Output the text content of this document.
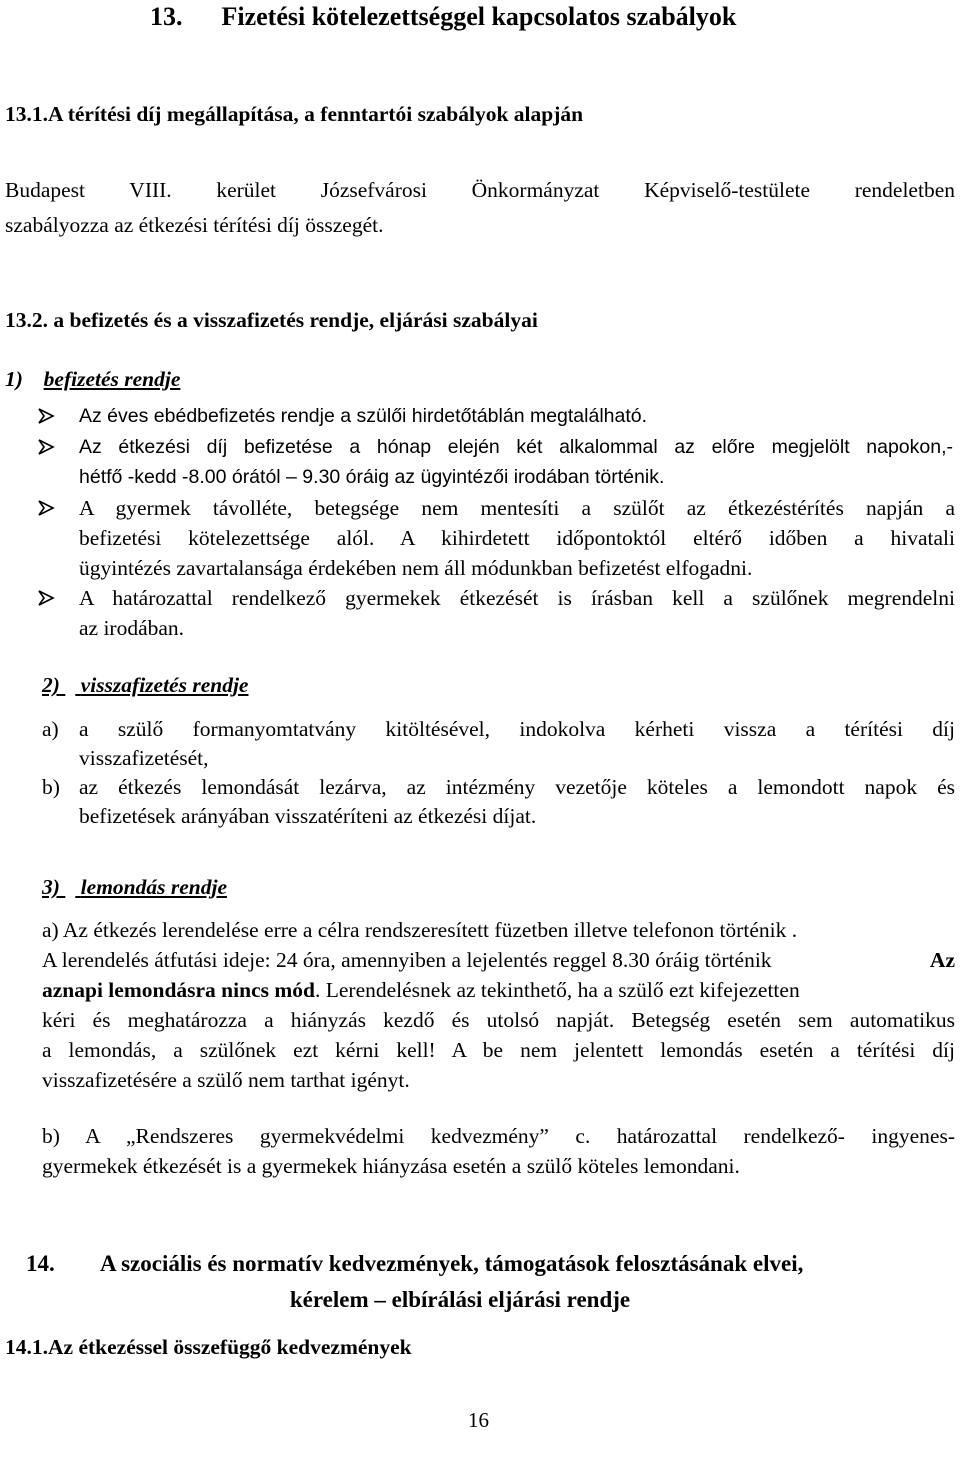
13. Fizetési kötelezettséggel kapcsolatos szabályok
13.1.A térítési díj megállapítása, a fenntartói szabályok alapján
Budapest VIII. kerület Józsefvárosi Önkormányzat Képviselő-testülete rendeletben
szabályozza az étkezési térítési díj összegét.
13.2. a befizetés és a visszafizetés rendje, eljárási szabályai
1) befizetés rendje
Az éves ebédbefizetés rendje a szülői hirdetőtáblán megtalálható.
Az étkezési díj befizetése a hónap elején két alkalommal az előre megjelölt napokon,-
hétfő -kedd -8.00 órától – 9.30 óráig az ügyintézői irodában történik.
A gyermek távolléte, betegsége nem mentesíti a szülőt az étkezéstérítés napján a
befizetési kötelezettsége alól. A kihirdetett időpontoktól eltérő időben a hivatali
ügyintézés zavartalansága érdekében nem áll módunkban befizetést elfogadni.
A határozattal rendelkező gyermekek étkezését is írásban kell a szülőnek megrendelni
az irodában.
2) visszafizetés rendje
a) a szülő formanyomtatvány kitöltésével, indokolva kérheti vissza a térítési díj
visszafizetését,
b) az étkezés lemondását lezárva, az intézmény vezetője köteles a lemondott napok és
befizetések arányában visszatéríteni az étkezési díjat.
3) lemondás rendje
a) Az étkezés lerendelése erre a célra rendszeresített füzetben illetve telefonon történik .
A lerendelés átfutási ideje: 24 óra, amennyiben a lejelentés reggel 8.30 óráig történik	Az
aznapi lemondásra nincs mód. Lerendelésnek az tekinthető, ha a szülő ezt kifejezetten
kéri és meghatározza a hiányzás kezdő és utolsó napját. Betegség esetén sem automatikus
a lemondás, a szülőnek ezt kérni kell! A be nem jelentett lemondás esetén a térítési díj
visszafizetésére a szülő nem tarthat igényt.
b) A „Rendszeres gyermekvédelmi kedvezmény” c. határozattal rendelkező- ingyenes-
gyermekek étkezését is a gyermekek hiányzása esetén a szülő köteles lemondani.
14. A szociális és normatív kedvezmények, támogatások felosztásának elvei,
kérelem – elbírálási eljárási rendje
14.1.Az étkezéssel összefüggő kedvezmények
16
